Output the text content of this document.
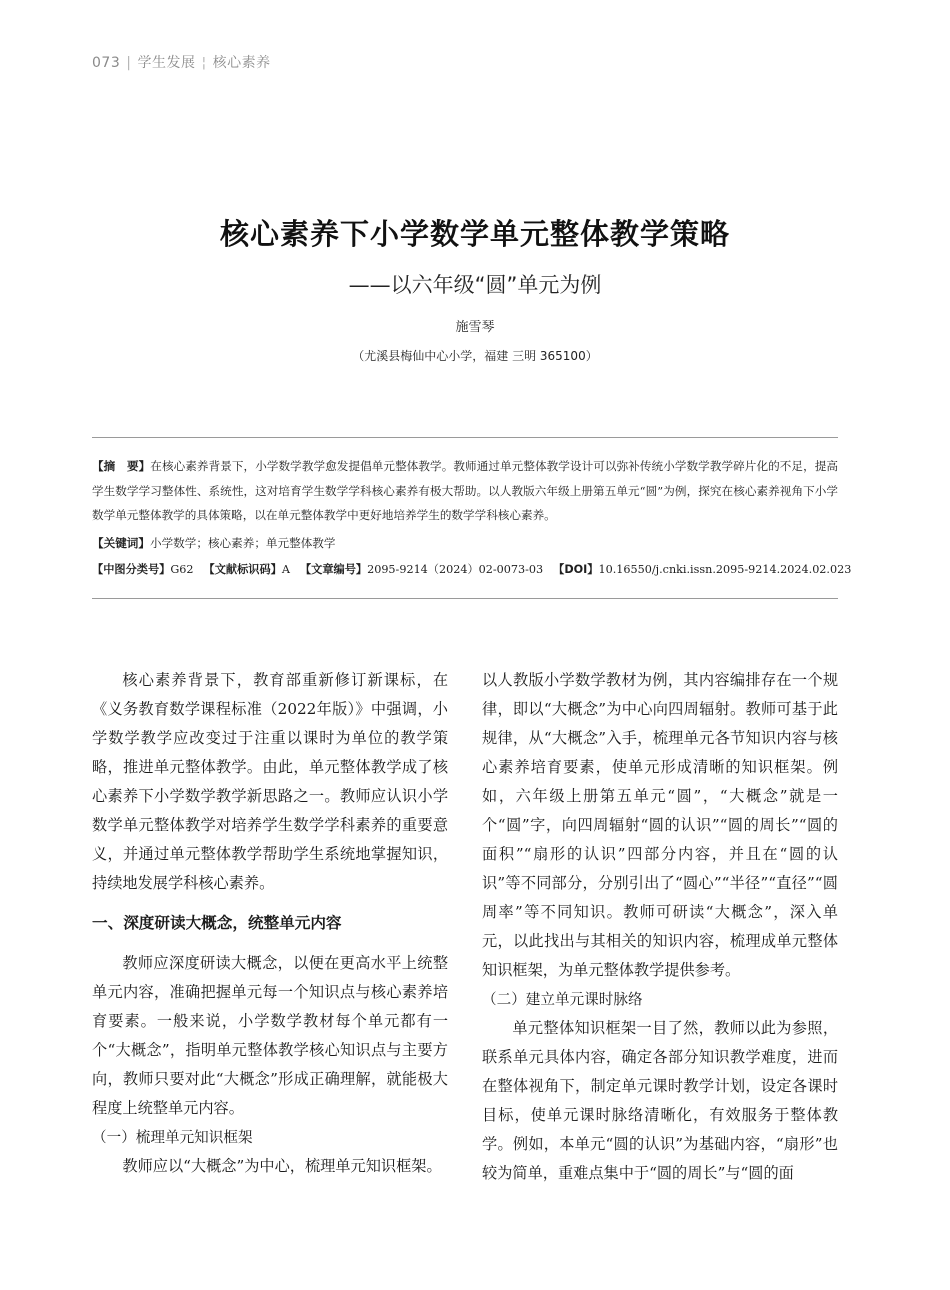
073 | 学生发展 ¦ 核心素养
核心素养下小学数学单元整体教学策略
——以六年级“圆”单元为例
施雪琴
（尤溪县梅仙中心小学，福建 三明 365100）

【摘　要】在核心素养背景下，小学数学教学愈发提倡单元整体教学。教师通过单元整体教学设计可以弥补传统小学数学教学碎片化的不足，提高学生数学学习整体性、系统性，这对培育学生数学学科核心素养有极大帮助。以人教版六年级上册第五单元“圆”为例，探究在核心素养视角下小学数学单元整体教学的具体策略，以在单元整体教学中更好地培养学生的数学学科核心素养。

【关键词】小学数学；核心素养；单元整体教学

【中图分类号】G62 【文献标识码】A 【文章编号】2095-9214（2024）02-0073-03 【DOI】10.16550/j.cnki.issn.2095-9214.2024.02.023

核心素养背景下，教育部重新修订新课标，在《义务教育数学课程标准（2022年版）》中强调，小学数学教学应改变过于注重以课时为单位的教学策略，推进单元整体教学。由此，单元整体教学成了核心素养下小学数学教学新思路之一。教师应认识小学数学单元整体教学对培养学生数学学科素养的重要意义，并通过单元整体教学帮助学生系统地掌握知识，持续地发展学科核心素养。

一、深度研读大概念，统整单元内容

教师应深度研读大概念，以便在更高水平上统整单元内容，准确把握单元每一个知识点与核心素养培育要素。一般来说，小学数学教材每个单元都有一个“大概念”，指明单元整体教学核心知识点与主要方向，教师只要对此“大概念”形成正确理解，就能极大程度上统整单元内容。

（一）梳理单元知识框架

教师应以“大概念”为中心，梳理单元知识框架。

以人教版小学数学教材为例，其内容编排存在一个规律，即以“大概念”为中心向四周辐射。教师可基于此规律，从“大概念”入手，梳理单元各节知识内容与核心素养培育要素，使单元形成清晰的知识框架。例如，六年级上册第五单元“圆”，“大概念”就是一个“圆”字，向四周辐射“圆的认识”“圆的周长”“圆的面积”“扇形的认识”四部分内容，并且在“圆的认识”等不同部分，分别引出了“圆心”“半径”“直径”“圆周率”等不同知识。教师可研读“大概念”，深入单元，以此找出与其相关的知识内容，梳理成单元整体知识框架，为单元整体教学提供参考。

（二）建立单元课时脉络

单元整体知识框架一目了然，教师以此为参照，联系单元具体内容，确定各部分知识教学难度，进而在整体视角下，制定单元课时教学计划，设定各课时目标，使单元课时脉络清晰化，有效服务于整体教学。例如，本单元“圆的认识”为基础内容，“扇形”也较为简单，重难点集中于“圆的周长”与“圆的面
